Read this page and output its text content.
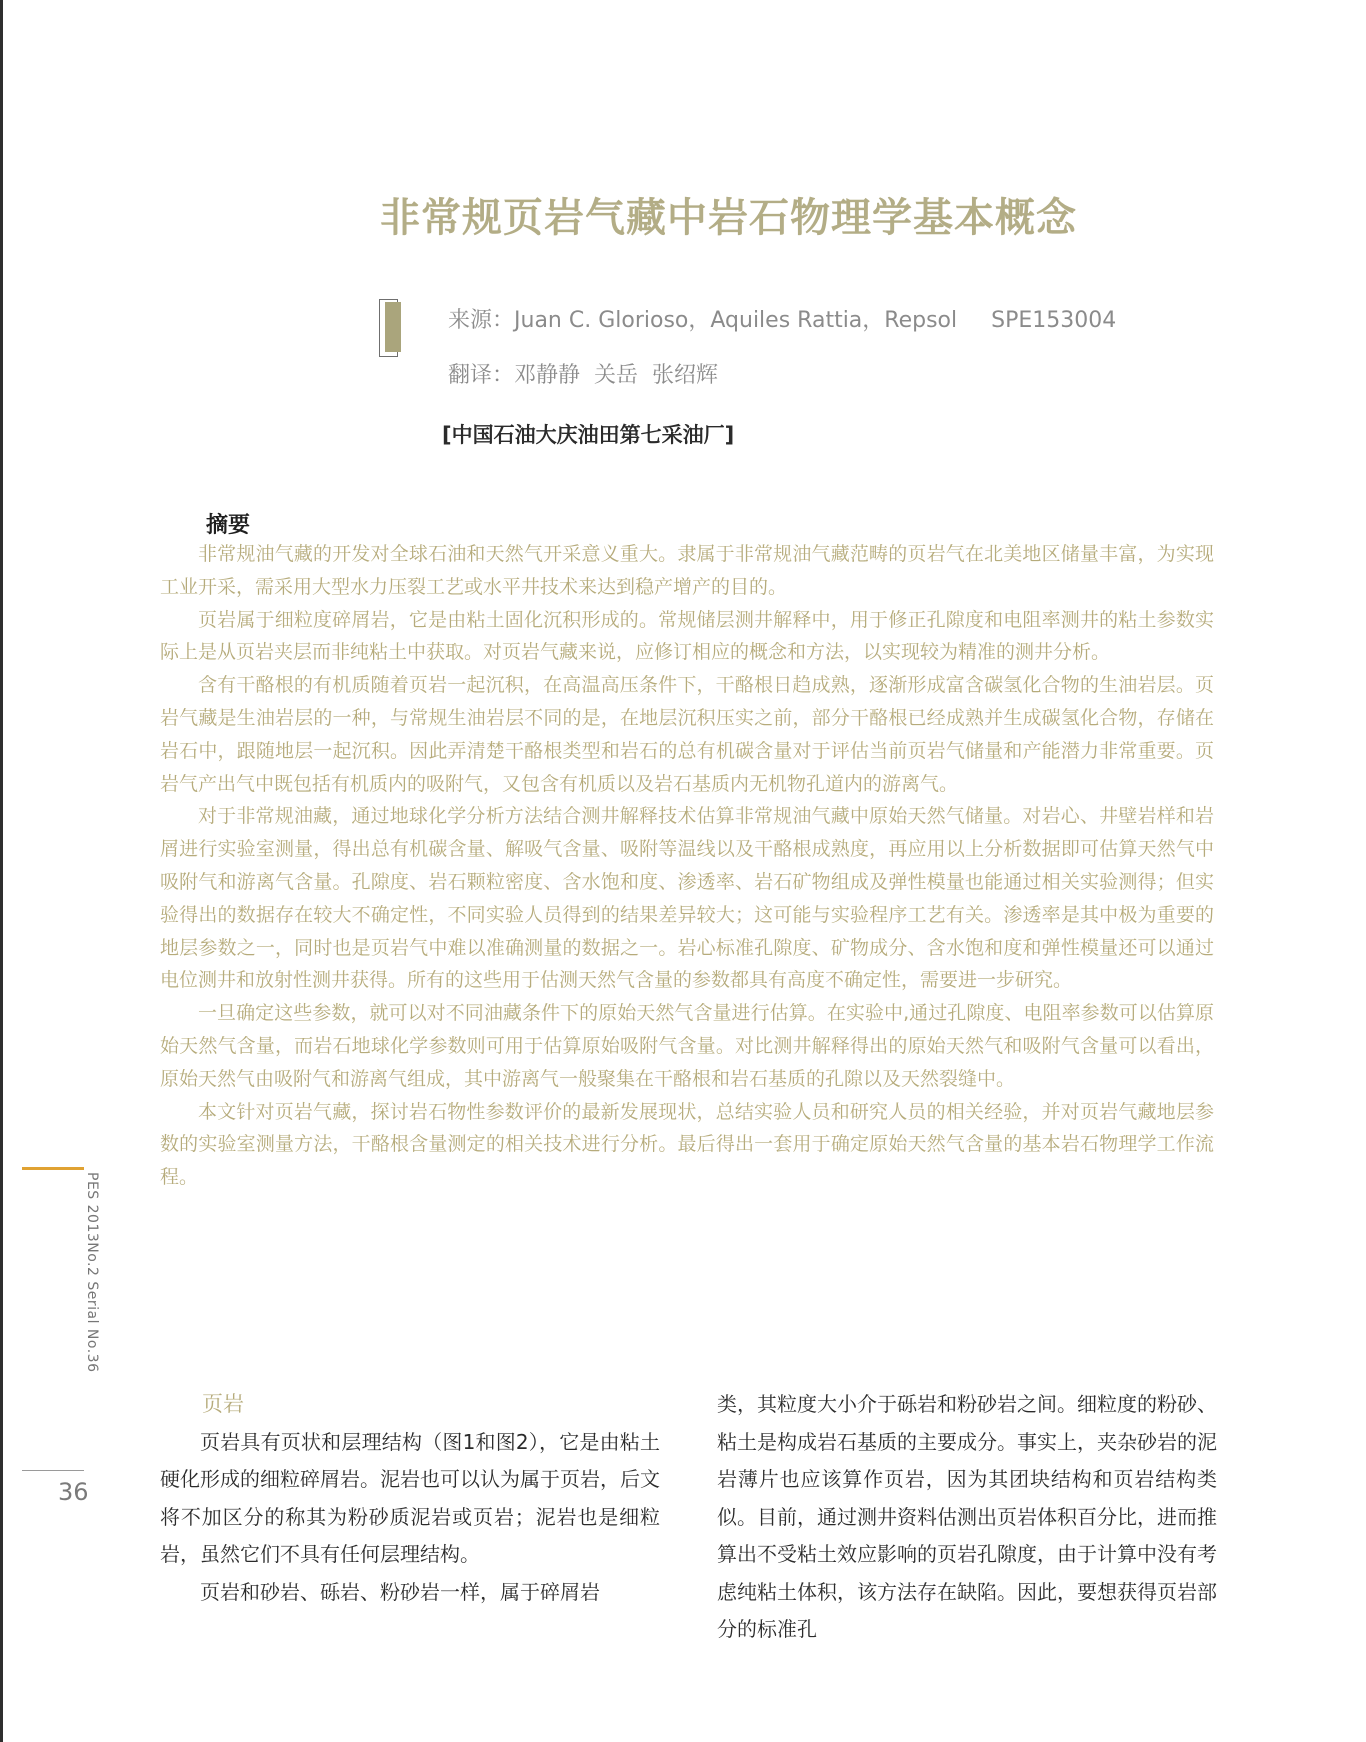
非常规页岩气藏中岩石物理学基本概念
来源：Juan C. Glorioso，Aquiles Rattia，Repsol SPE153004
翻译：邓静静  关岳  张绍辉
[中国石油大庆油田第七采油厂]
摘要

非常规油气藏的开发对全球石油和天然气开采意义重大。隶属于非常规油气藏范畴的页岩气在北美地区储量丰富，为实现工业开采，需采用大型水力压裂工艺或水平井技术来达到稳产增产的目的。

页岩属于细粒度碎屑岩，它是由粘土固化沉积形成的。常规储层测井解释中，用于修正孔隙度和电阻率测井的粘土参数实际上是从页岩夹层而非纯粘土中获取。对页岩气藏来说，应修订相应的概念和方法，以实现较为精准的测井分析。

含有干酪根的有机质随着页岩一起沉积，在高温高压条件下，干酪根日趋成熟，逐渐形成富含碳氢化合物的生油岩层。页岩气藏是生油岩层的一种，与常规生油岩层不同的是，在地层沉积压实之前，部分干酪根已经成熟并生成碳氢化合物，存储在岩石中，跟随地层一起沉积。因此弄清楚干酪根类型和岩石的总有机碳含量对于评估当前页岩气储量和产能潜力非常重要。页岩气产出气中既包括有机质内的吸附气，又包含有机质以及岩石基质内无机物孔道内的游离气。

对于非常规油藏，通过地球化学分析方法结合测井解释技术估算非常规油气藏中原始天然气储量。对岩心、井壁岩样和岩屑进行实验室测量，得出总有机碳含量、解吸气含量、吸附等温线以及干酪根成熟度，再应用以上分析数据即可估算天然气中吸附气和游离气含量。孔隙度、岩石颗粒密度、含水饱和度、渗透率、岩石矿物组成及弹性模量也能通过相关实验测得；但实验得出的数据存在较大不确定性，不同实验人员得到的结果差异较大；这可能与实验程序工艺有关。渗透率是其中极为重要的地层参数之一，同时也是页岩气中难以准确测量的数据之一。岩心标准孔隙度、矿物成分、含水饱和度和弹性模量还可以通过电位测井和放射性测井获得。所有的这些用于估测天然气含量的参数都具有高度不确定性，需要进一步研究。

一旦确定这些参数，就可以对不同油藏条件下的原始天然气含量进行估算。在实验中,通过孔隙度、电阻率参数可以估算原始天然气含量，而岩石地球化学参数则可用于估算原始吸附气含量。对比测井解释得出的原始天然气和吸附气含量可以看出，原始天然气由吸附气和游离气组成，其中游离气一般聚集在干酪根和岩石基质的孔隙以及天然裂缝中。

本文针对页岩气藏，探讨岩石物性参数评价的最新发展现状，总结实验人员和研究人员的相关经验，并对页岩气藏地层参数的实验室测量方法，干酪根含量测定的相关技术进行分析。最后得出一套用于确定原始天然气含量的基本岩石物理学工作流程。

PES 2013No.2 Serial No.36
36
页岩

页岩具有页状和层理结构（图1和图2），它是由粘土硬化形成的细粒碎屑岩。泥岩也可以认为属于页岩，后文将不加区分的称其为粉砂质泥岩或页岩；泥岩也是细粒岩，虽然它们不具有任何层理结构。

页岩和砂岩、砾岩、粉砂岩一样，属于碎屑岩

类，其粒度大小介于砾岩和粉砂岩之间。细粒度的粉砂、粘土是构成岩石基质的主要成分。事实上，夹杂砂岩的泥岩薄片也应该算作页岩，因为其团块结构和页岩结构类似。目前，通过测井资料估测出页岩体积百分比，进而推算出不受粘土效应影响的页岩孔隙度，由于计算中没有考虑纯粘土体积，该方法存在缺陷。因此，要想获得页岩部分的标准孔
